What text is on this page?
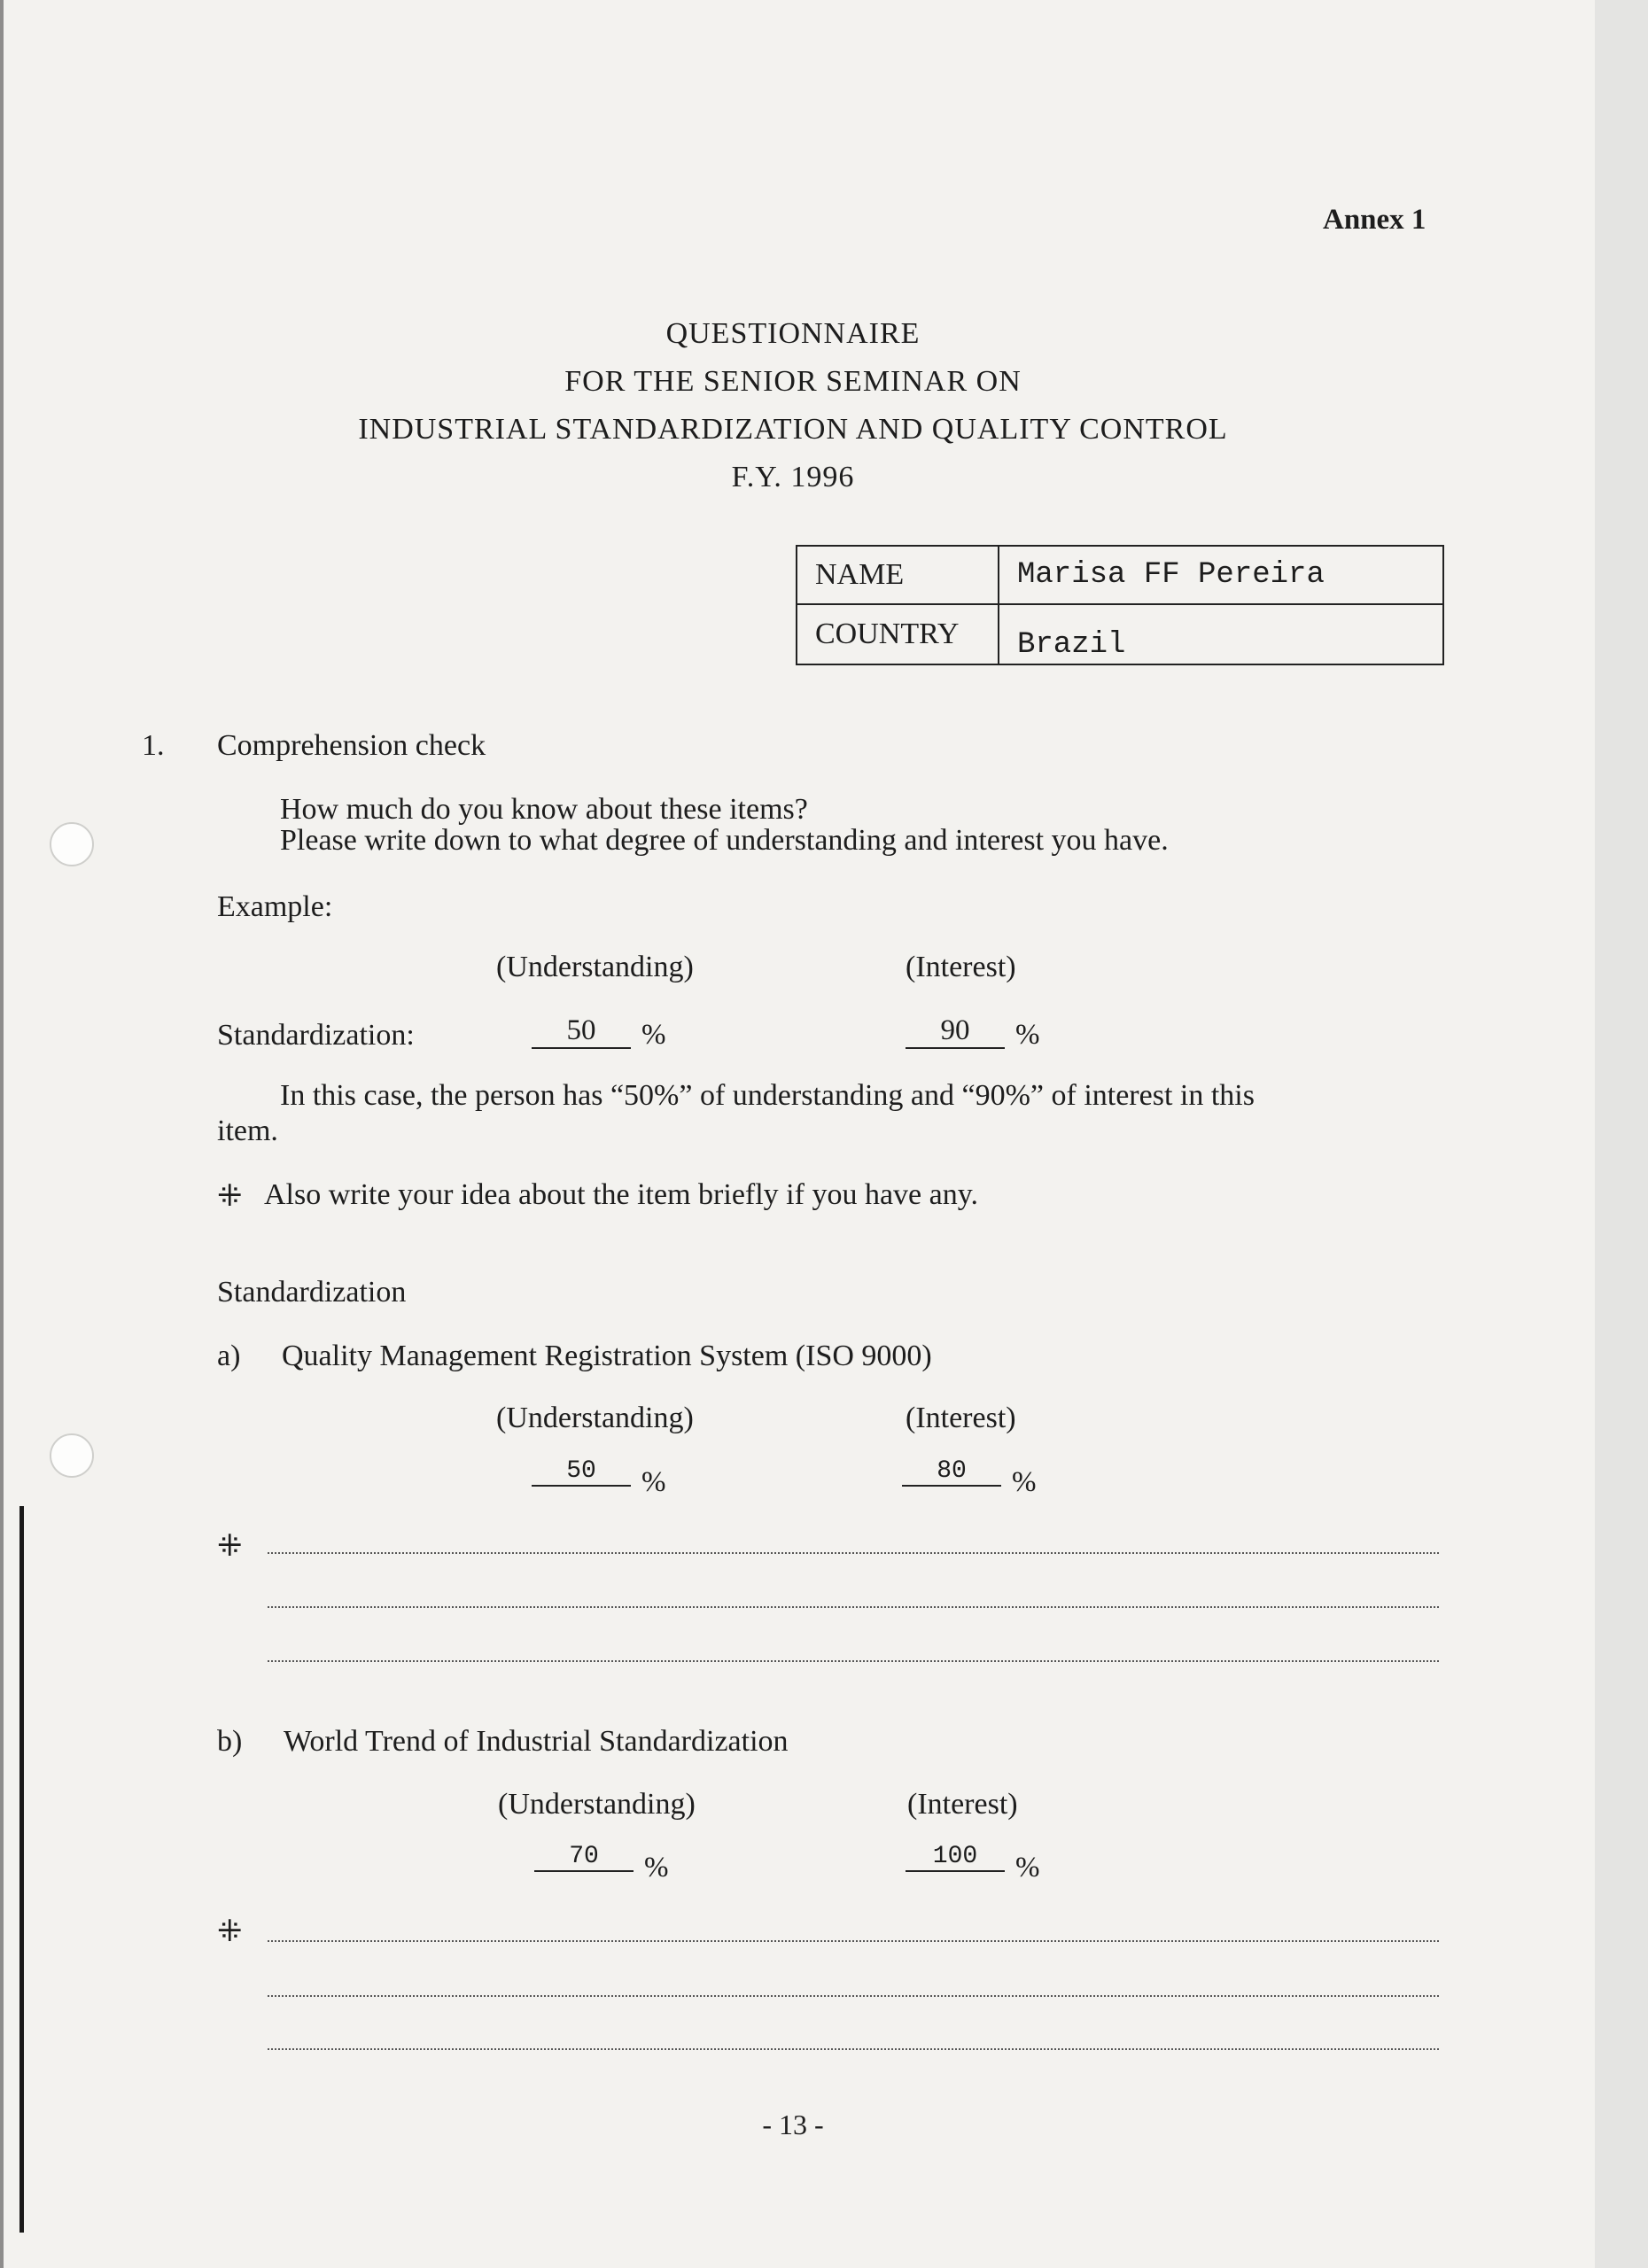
Annex 1
QUESTIONNAIRE
FOR THE SENIOR SEMINAR ON
INDUSTRIAL STANDARDIZATION AND QUALITY CONTROL
F.Y. 1996
NAME	Marisa FF Pereira
COUNTRY	Brazil
1. Comprehension check
How much do you know about these items?
Please write down to what degree of understanding and interest you have.
Example:
(Understanding)	(Interest)
Standardization:	50	%	90	%
In this case, the person has “50%” of understanding and “90%” of interest in this
item.
⁜ Also write your idea about the item briefly if you have any.
Standardization
a) Quality Management Registration System (ISO 9000)
(Understanding)	(Interest)
50	%	80	%
⁜
b) World Trend of Industrial Standardization
(Understanding)	(Interest)
70	%	100	%
⁜
- 13 -
